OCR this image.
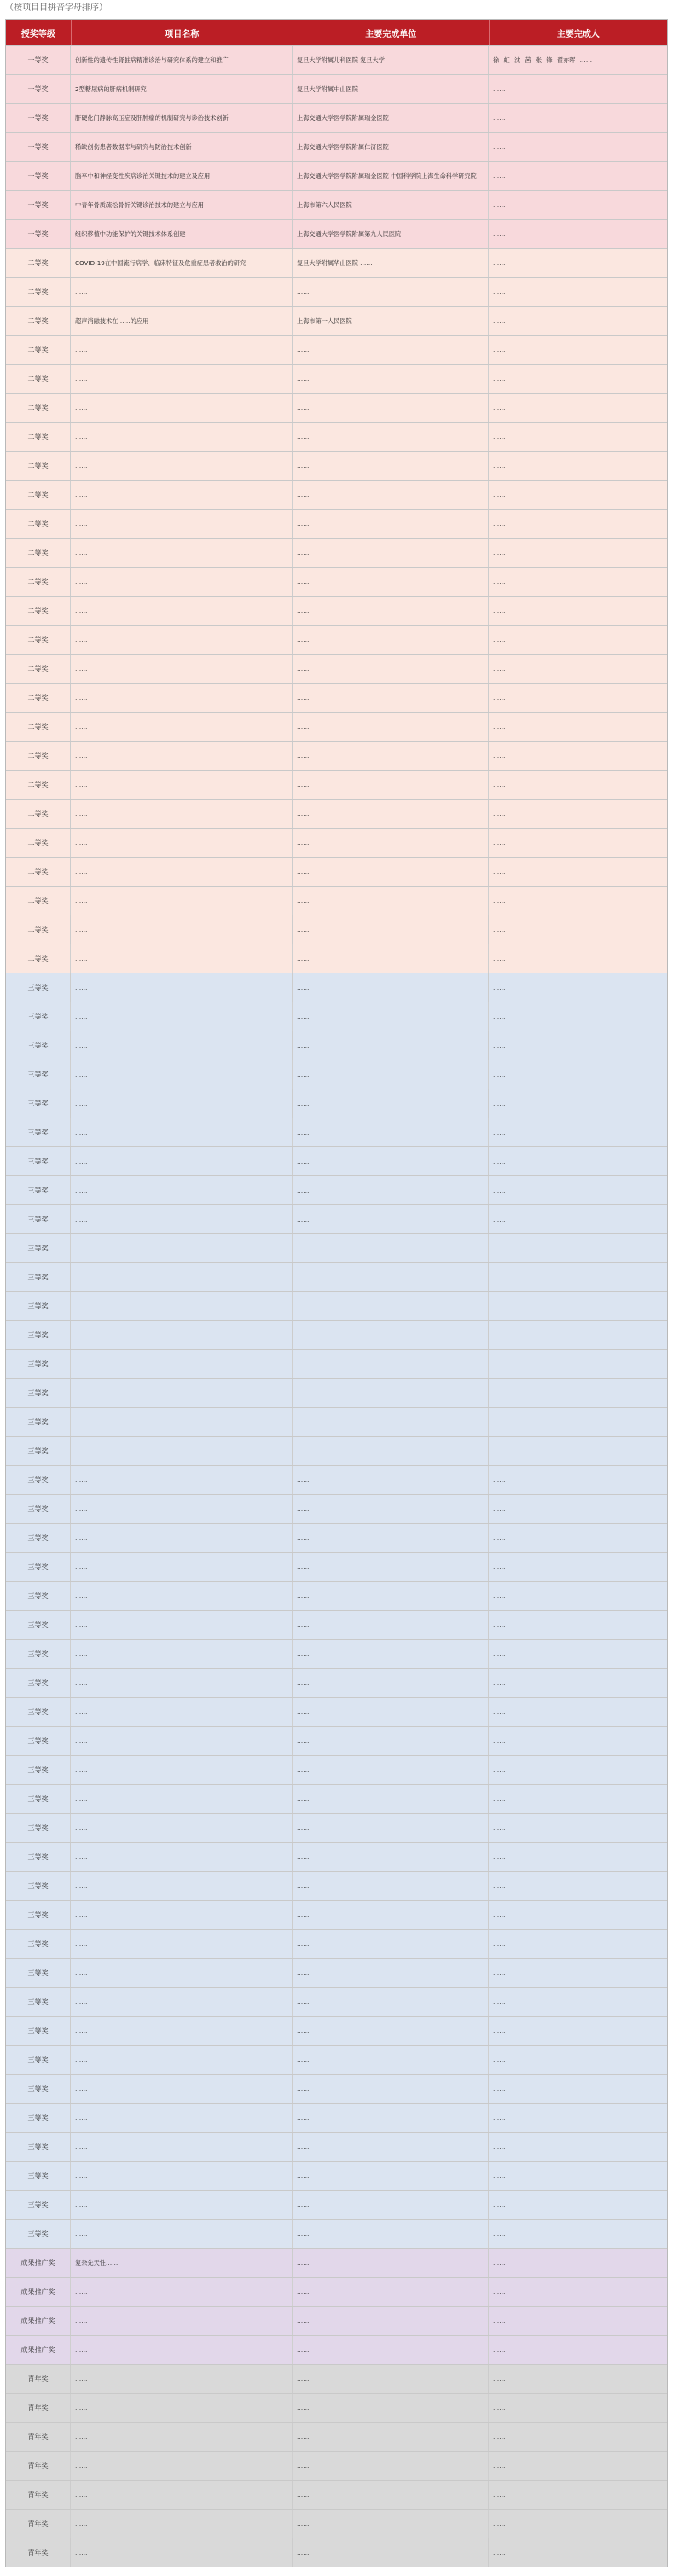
（按项目目拼音字母排序）
授奖等级	项目名称	主要完成单位	主要完成人
一等奖	创新性的遗传性肾脏病精准诊治与研究体系的建立和推广	复旦大学附属儿科医院 复旦大学	徐 虹 沈 茜 张 锋 翟亦晖 ……
一等奖	2型糖尿病的肝病机制研究	复旦大学附属中山医院	……
一等奖	肝硬化门静脉高压症及肝肿瘤的机制研究与诊治技术创新	上海交通大学医学院附属瑞金医院	……
一等奖	稀缺创伤患者数据库与研究与防治技术创新	上海交通大学医学院附属仁济医院	……
一等奖	脑卒中和神经变性疾病诊治关键技术的建立及应用	上海交通大学医学院附属瑞金医院 中国科学院上海生命科学研究院	……
一等奖	中青年骨质疏松骨折关键诊治技术的建立与应用	上海市第六人民医院	……
一等奖	组织移植中功能保护的关键技术体系创建	上海交通大学医学院附属第九人民医院	……
二等奖	COVID-19在中国流行病学、临床特征及危重症患者救治的研究	复旦大学附属华山医院 ……	……
二等奖	……	……	……
二等奖	超声消融技术在……的应用	上海市第一人民医院	……
二等奖	……	……	……
二等奖	……	……	……
二等奖	……	……	……
二等奖	……	……	……
二等奖	……	……	……
二等奖	……	……	……
二等奖	……	……	……
二等奖	……	……	……
二等奖	……	……	……
二等奖	……	……	……
二等奖	……	……	……
二等奖	……	……	……
二等奖	……	……	……
二等奖	……	……	……
二等奖	……	……	……
二等奖	……	……	……
二等奖	……	……	……
二等奖	……	……	……
二等奖	……	……	……
二等奖	……	……	……
二等奖	……	……	……
二等奖	……	……	……
三等奖	……	……	……
三等奖	……	……	……
三等奖	……	……	……
三等奖	……	……	……
三等奖	……	……	……
三等奖	……	……	……
三等奖	……	……	……
三等奖	……	……	……
三等奖	……	……	……
三等奖	……	……	……
三等奖	……	……	……
三等奖	……	……	……
三等奖	……	……	……
三等奖	……	……	……
三等奖	……	……	……
三等奖	……	……	……
三等奖	……	……	……
三等奖	……	……	……
三等奖	……	……	……
三等奖	……	……	……
三等奖	……	……	……
三等奖	……	……	……
三等奖	……	……	……
三等奖	……	……	……
三等奖	……	……	……
三等奖	……	……	……
三等奖	……	……	……
三等奖	……	……	……
三等奖	……	……	……
三等奖	……	……	……
三等奖	……	……	……
三等奖	……	……	……
三等奖	……	……	……
三等奖	……	……	……
三等奖	……	……	……
三等奖	……	……	……
三等奖	……	……	……
三等奖	……	……	……
三等奖	……	……	……
三等奖	……	……	……
三等奖	……	……	……
三等奖	……	……	……
三等奖	……	……	……
三等奖	……	……	……
成果推广奖	复杂先天性……	……	……
成果推广奖	……	……	……
成果推广奖	……	……	……
成果推广奖	……	……	……
青年奖	……	……	……
青年奖	……	……	……
青年奖	……	……	……
青年奖	……	……	……
青年奖	……	……	……
青年奖	……	……	……
青年奖	……	……	……
